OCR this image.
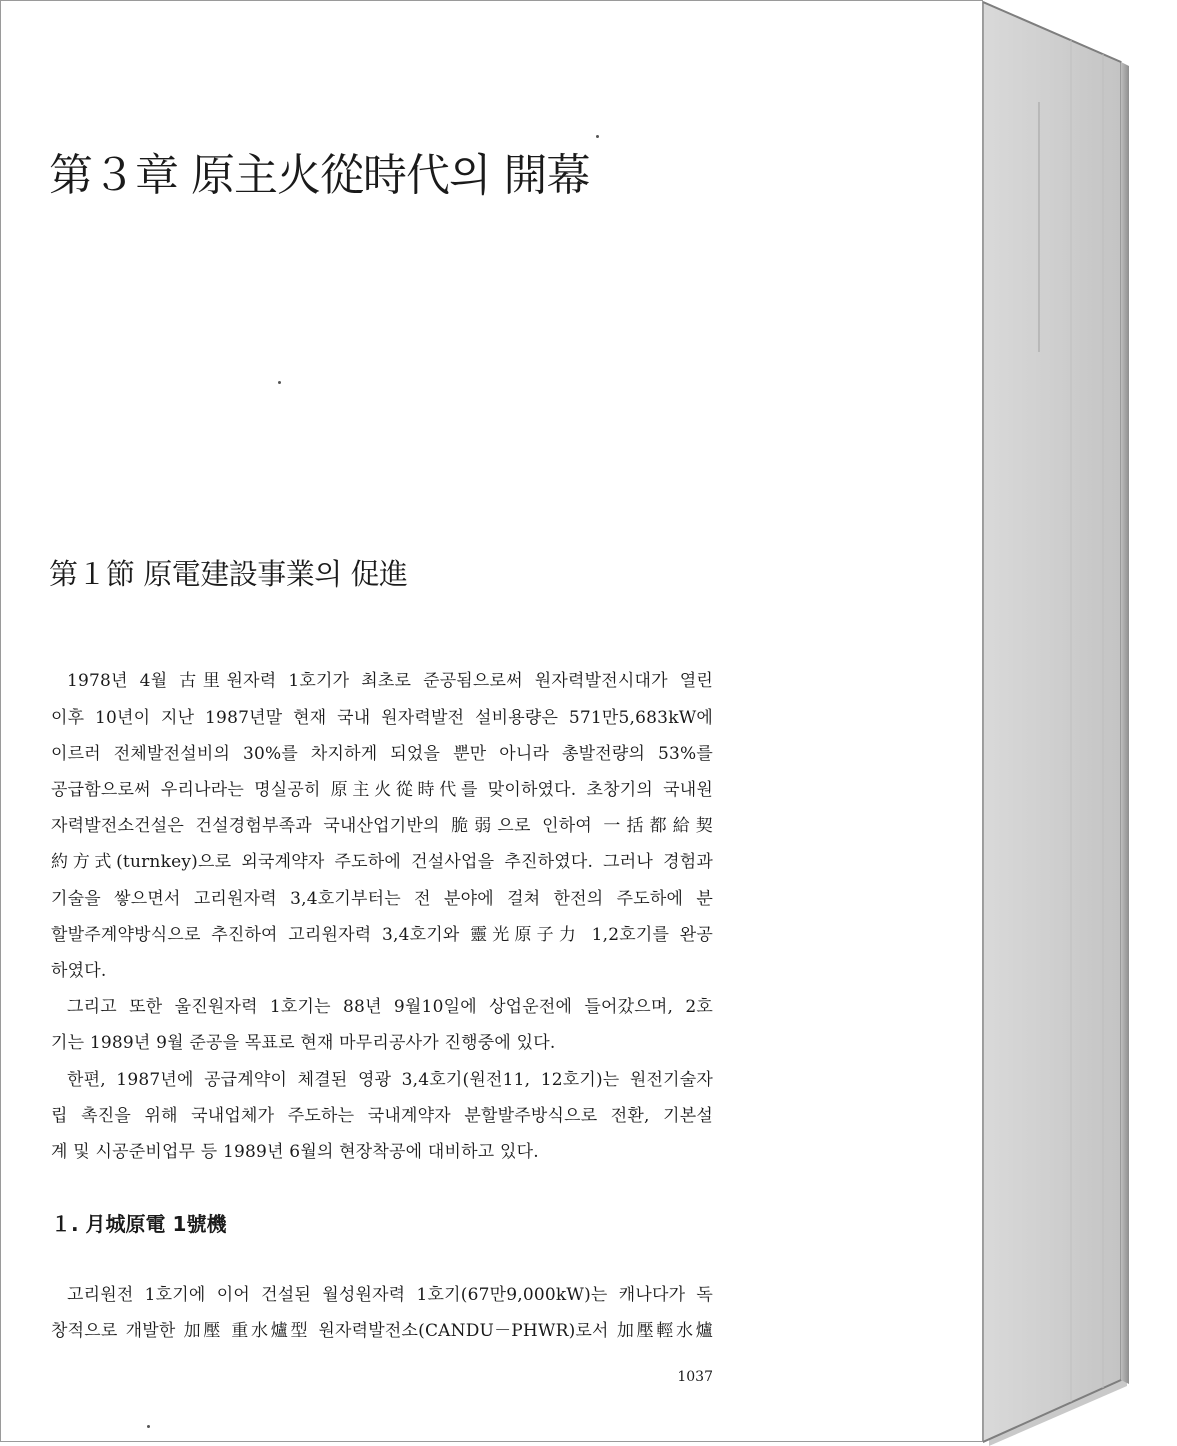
第３章 原主火從時代의 開幕
第１節 原電建設事業의 促進
1978년 4월 古里원자력 1호기가 최초로 준공됨으로써 원자력발전시대가 열린
이후 10년이 지난 1987년말 현재 국내 원자력발전 설비용량은 571만5,683kW에
이르러 전체발전설비의 30%를 차지하게 되었을 뿐만 아니라 총발전량의 53%를
공급함으로써 우리나라는 명실공히 原主火從時代를 맞이하였다. 초창기의 국내원
자력발전소건설은 건설경험부족과 국내산업기반의 脆弱으로 인하여 一括都給契
約方式(turnkey)으로 외국계약자 주도하에 건설사업을 추진하였다. 그러나 경험과
기술을 쌓으면서 고리원자력 3,4호기부터는 전 분야에 걸쳐 한전의 주도하에 분
할발주계약방식으로 추진하여 고리원자력 3,4호기와 靈光原子力 1,2호기를 완공
하였다.
그리고 또한 울진원자력 1호기는 88년 9월10일에 상업운전에 들어갔으며, 2호
기는 1989년 9월 준공을 목표로 현재 마무리공사가 진행중에 있다.
한편, 1987년에 공급계약이 체결된 영광 3,4호기(원전11, 12호기)는 원전기술자
립 촉진을 위해 국내업체가 주도하는 국내계약자 분할발주방식으로 전환, 기본설
계 및 시공준비업무 등 1989년 6월의 현장착공에 대비하고 있다.
１. 月城原電 1號機
고리원전 1호기에 이어 건설된 월성원자력 1호기(67만9,000kW)는 캐나다가 독
창적으로 개발한 加壓 重水爐型 원자력발전소(CANDU－PHWR)로서 加壓輕水爐
1037
